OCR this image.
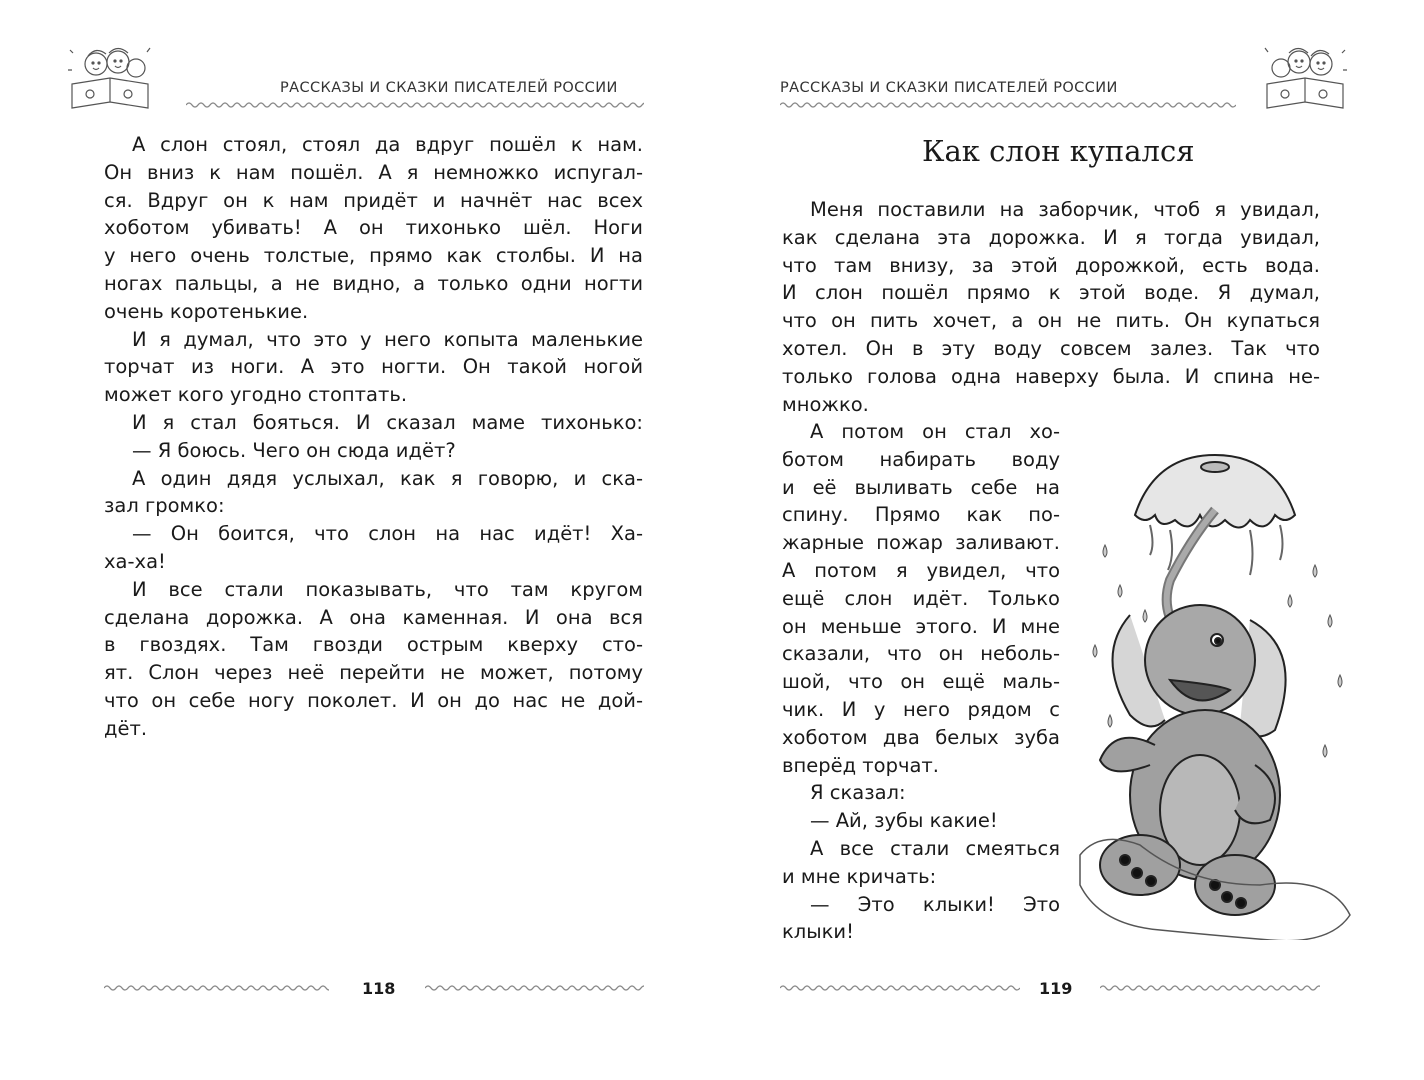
РАССКАЗЫ И СКАЗКИ ПИСАТЕЛЕЙ РОССИИ
А слон стоял, стоял да вдруг пошёл к нам.
Он вниз к нам пошёл. А я немножко испугал-
ся. Вдруг он к нам придёт и начнёт нас всех
хоботом убивать! А он тихонько шёл. Ноги
у него очень толстые, прямо как столбы. И на
ногах пальцы, а не видно, а только одни ногти
очень коротенькие.
И я думал, что это у него копыта маленькие
торчат из ноги. А это ногти. Он такой ногой
может кого угодно стоптать.
И я стал бояться. И сказал маме тихонько:
— Я боюсь. Чего он сюда идёт?
А один дядя услыхал, как я говорю, и ска-
зал громко:
— Он боится, что слон на нас идёт! Ха-
ха-ха!
И все стали показывать, что там кругом
сделана дорожка. А она каменная. И она вся
в гвоздях. Там гвозди острым кверху сто-
ят. Слон через неё перейти не может, потому
что он себе ногу поколет. И он до нас не дой-
дёт.
118
РАССКАЗЫ И СКАЗКИ ПИСАТЕЛЕЙ РОССИИ
Как слон купался
Меня поставили на заборчик, чтоб я увидал,
как сделана эта дорожка. И я тогда увидал,
что там внизу, за этой дорожкой, есть вода.
И слон пошёл прямо к этой воде. Я думал,
что он пить хочет, а он не пить. Он купаться
хотел. Он в эту воду совсем залез. Так что
только голова одна наверху была. И спина не-
множко.
А потом он стал хо-
ботом набирать воду
и её выливать себе на
спину. Прямо как по-
жарные пожар заливают.
А потом я увидел, что
ещё слон идёт. Только
он меньше этого. И мне
сказали, что он неболь-
шой, что он ещё маль-
чик. И у него рядом с
хоботом два белых зуба
вперёд торчат.
Я сказал:
— Ай, зубы какие!
А все стали смеяться
и мне кричать:
— Это клыки! Это
клыки!
119
